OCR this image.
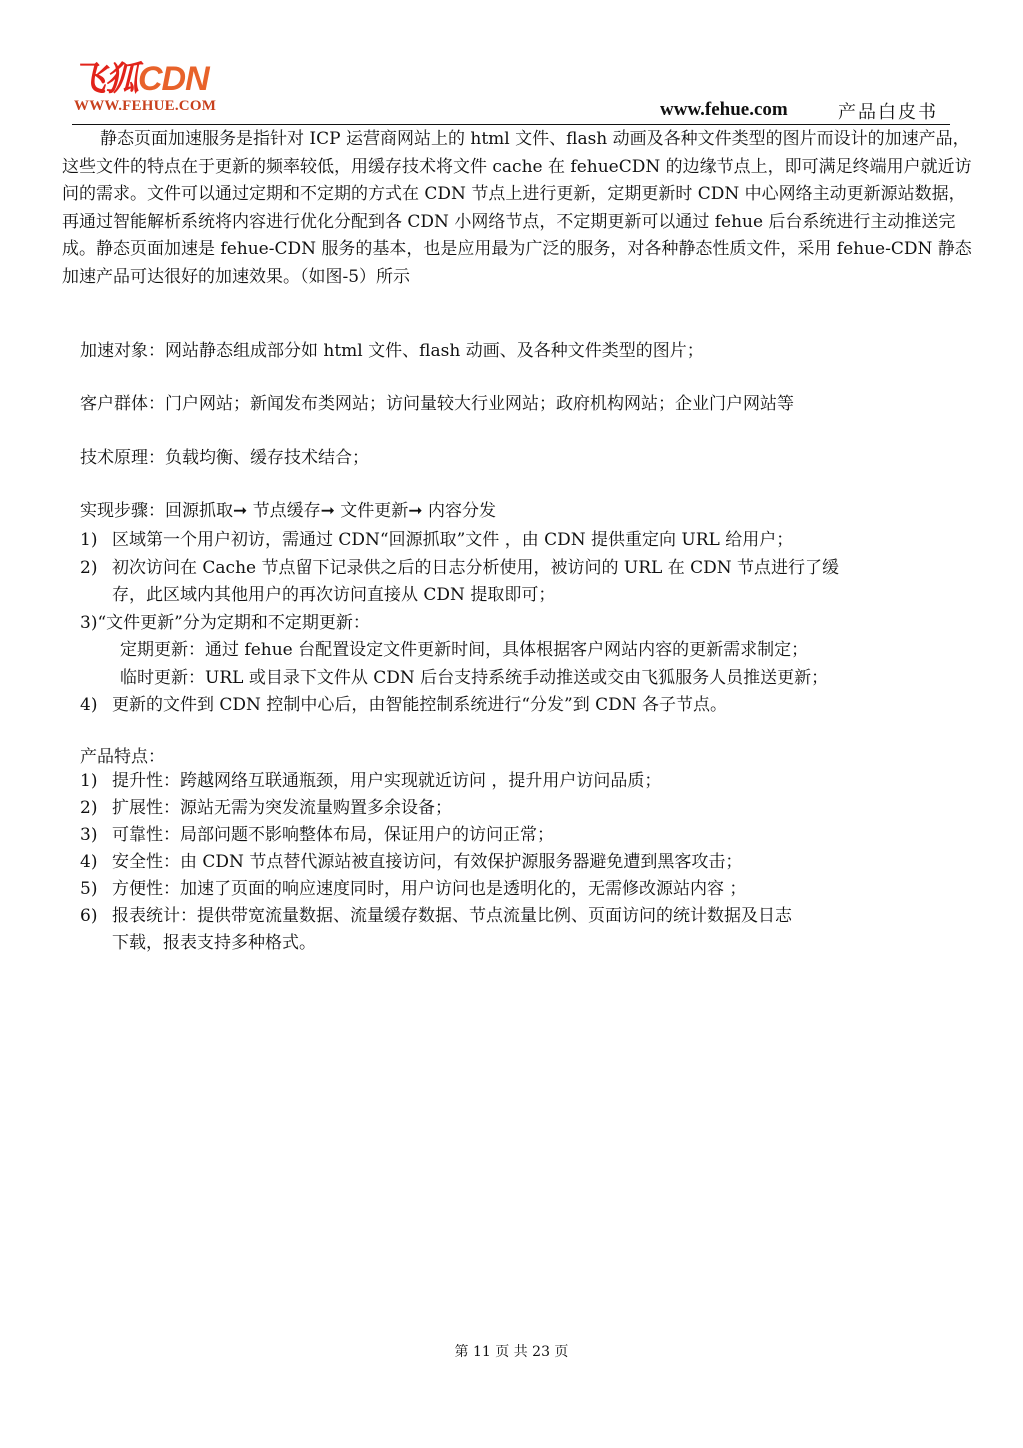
飞狐CDN
WWW.FEHUE.COM	www.fehue.com	产品白皮书

静态页面加速服务是指针对 ICP 运营商网站上的 html 文件、flash 动画及各种文件类型的图片而设计的加速产品，这些文件的特点在于更新的频率较低，用缓存技术将文件 cache 在 fehueCDN 的边缘节点上，即可满足终端用户就近访问的需求。文件可以通过定期和不定期的方式在 CDN 节点上进行更新，定期更新时 CDN 中心网络主动更新源站数据，再通过智能解析系统将内容进行优化分配到各 CDN 小网络节点，不定期更新可以通过 fehue 后台系统进行主动推送完成。静态页面加速是 fehue-CDN 服务的基本，也是应用最为广泛的服务，对各种静态性质文件，采用 fehue-CDN 静态加速产品可达很好的加速效果。（如图-5）所示

加速对象：网站静态组成部分如 html 文件、flash 动画、及各种文件类型的图片；
客户群体：门户网站；新闻发布类网站；访问量较大行业网站；政府机构网站；企业门户网站等
技术原理：负载均衡、缓存技术结合；
实现步骤：回源抓取➞ 节点缓存➞ 文件更新➞ 内容分发
1) 区域第一个用户初访，需通过 CDN“回源抓取”文件 ，由 CDN 提供重定向 URL 给用户；
2) 初次访问在 Cache 节点留下记录供之后的日志分析使用，被访问的 URL 在 CDN 节点进行了缓
存，此区域内其他用户的再次访问直接从 CDN 提取即可；
3)“文件更新”分为定期和不定期更新：
定期更新：通过 fehue 台配置设定文件更新时间，具体根据客户网站内容的更新需求制定；
临时更新：URL 或目录下文件从 CDN 后台支持系统手动推送或交由飞狐服务人员推送更新；
4) 更新的文件到 CDN 控制中心后，由智能控制系统进行“分发”到 CDN 各子节点。
产品特点：
1) 提升性：跨越网络互联通瓶颈，用户实现就近访问 ，提升用户访问品质；
2) 扩展性：源站无需为突发流量购置多余设备；
3) 可靠性：局部问题不影响整体布局，保证用户的访问正常；
4) 安全性：由 CDN 节点替代源站被直接访问，有效保护源服务器避免遭到黑客攻击；
5) 方便性：加速了页面的响应速度同时，用户访问也是透明化的，无需修改源站内容 ；
6) 报表统计：提供带宽流量数据、流量缓存数据、节点流量比例、页面访问的统计数据及日志
下载，报表支持多种格式。
第 11 页 共 23 页
